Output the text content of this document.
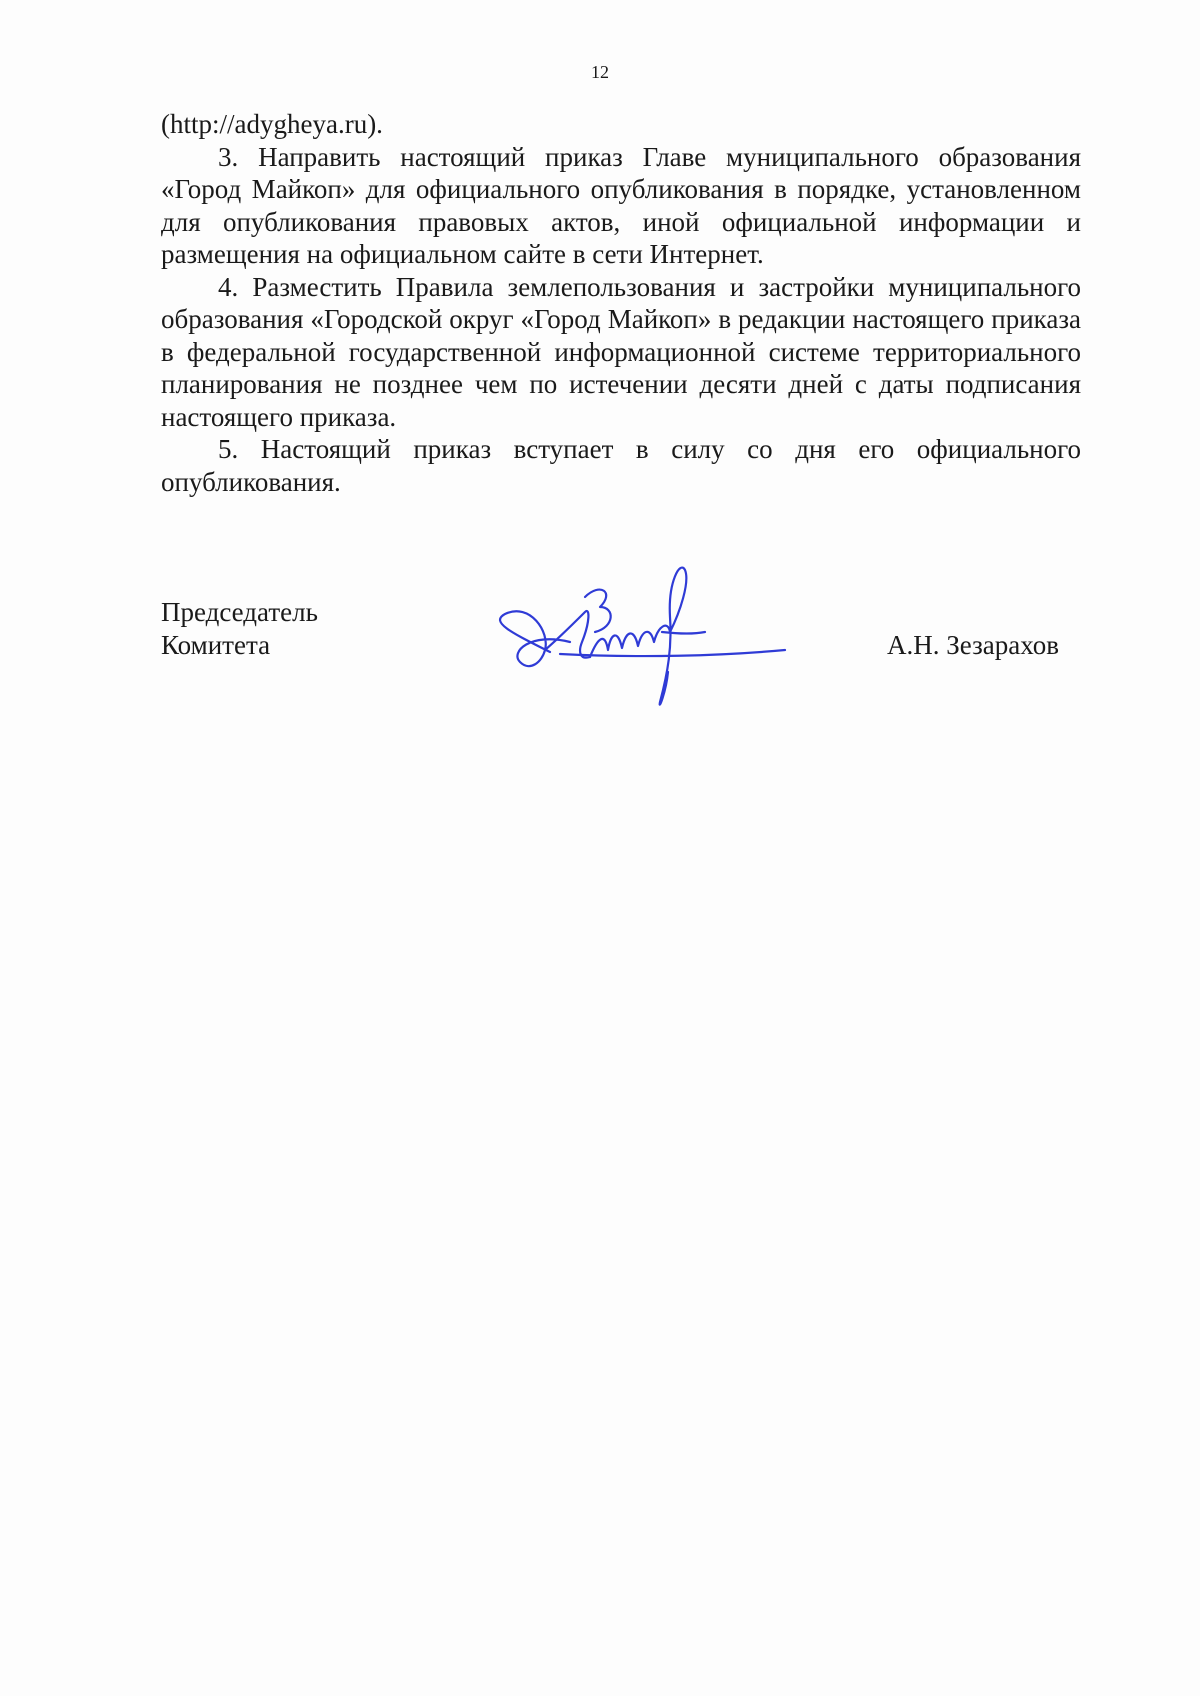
12

(http://adygheya.ru).

3. Направить настоящий приказ Главе муниципального образования «Город Майкоп» для официального опубликования в порядке, установленном для опубликования правовых актов, иной официальной информации и размещения на официальном сайте в сети Интернет.

4. Разместить Правила землепользования и застройки муниципального образования «Городской округ «Город Майкоп» в редакции настоящего приказа в федеральной государственной информационной системе территориального планирования не позднее чем по истечении десяти дней с даты подписания настоящего приказа.

5. Настоящий приказ вступает в силу со дня его официального опубликования.

Председатель
Комитета	А.Н. Зезарахов
